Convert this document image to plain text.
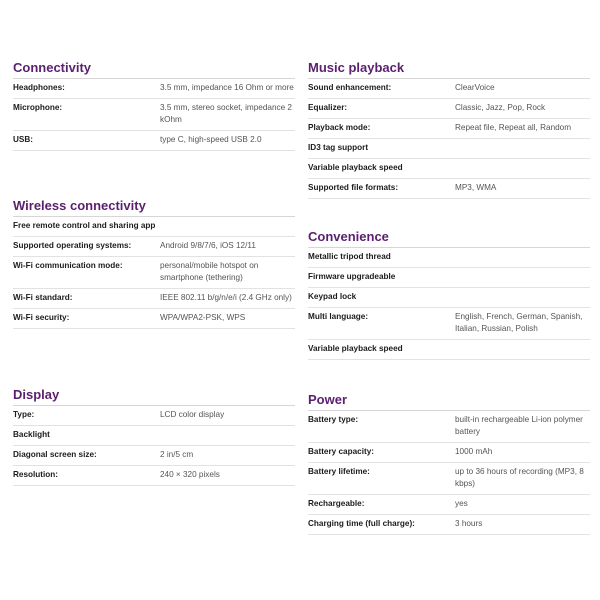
Connectivity
Headphones:	3.5 mm, impedance 16 Ohm or more
Microphone:	3.5 mm, stereo socket, impedance 2 kOhm
USB:	type C, high-speed USB 2.0
Wireless connectivity
Free remote control and sharing app
Supported operating systems:	Android 9/8/7/6, iOS 12/11
Wi-Fi communication mode:	personal/mobile hotspot on smartphone (tethering)
Wi-Fi standard:	IEEE 802.11 b/g/n/e/i (2.4 GHz only)
Wi-Fi security:	WPA/WPA2-PSK, WPS
Display
Type:	LCD color display
Backlight
Diagonal screen size:	2 in/5 cm
Resolution:	240 × 320 pixels
Music playback
Sound enhancement:	ClearVoice
Equalizer:	Classic, Jazz, Pop, Rock
Playback mode:	Repeat file, Repeat all, Random
ID3 tag support
Variable playback speed
Supported file formats:	MP3, WMA
Convenience
Metallic tripod thread
Firmware upgradeable
Keypad lock
Multi language:	English, French, German, Spanish, Italian, Russian, Polish
Variable playback speed
Power
Battery type:	built-in rechargeable Li-ion polymer battery
Battery capacity:	1000 mAh
Battery lifetime:	up to 36 hours of recording (MP3, 8 kbps)
Rechargeable:	yes
Charging time (full charge):	3 hours
